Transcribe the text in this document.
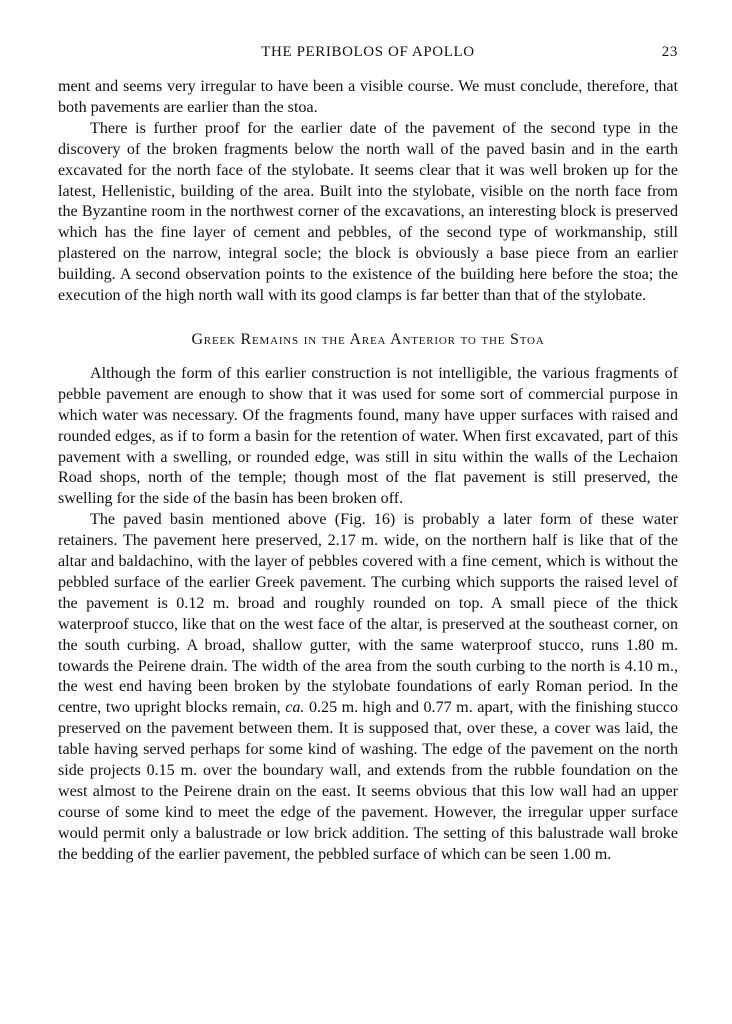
THE PERIBOLOS OF APOLLO	23

ment and seems very irregular to have been a visible course. We must conclude, therefore, that both pavements are earlier than the stoa.

There is further proof for the earlier date of the pavement of the second type in the discovery of the broken fragments below the north wall of the paved basin and in the earth excavated for the north face of the stylobate. It seems clear that it was well broken up for the latest, Hellenistic, building of the area. Built into the stylobate, visible on the north face from the Byzantine room in the northwest corner of the excavations, an interesting block is preserved which has the fine layer of cement and pebbles, of the second type of workmanship, still plastered on the narrow, integral socle; the block is obviously a base piece from an earlier building. A second observation points to the existence of the building here before the stoa; the execution of the high north wall with its good clamps is far better than that of the stylobate.

Greek Remains in the Area Anterior to the Stoa

Although the form of this earlier construction is not intelligible, the various fragments of pebble pavement are enough to show that it was used for some sort of commercial purpose in which water was necessary. Of the fragments found, many have upper surfaces with raised and rounded edges, as if to form a basin for the retention of water. When first excavated, part of this pavement with a swelling, or rounded edge, was still in situ within the walls of the Lechaion Road shops, north of the temple; though most of the flat pavement is still preserved, the swelling for the side of the basin has been broken off.

The paved basin mentioned above (Fig. 16) is probably a later form of these water retainers. The pavement here preserved, 2.17 m. wide, on the northern half is like that of the altar and baldachino, with the layer of pebbles covered with a fine cement, which is without the pebbled surface of the earlier Greek pavement. The curbing which supports the raised level of the pavement is 0.12 m. broad and roughly rounded on top. A small piece of the thick waterproof stucco, like that on the west face of the altar, is preserved at the southeast corner, on the south curbing. A broad, shallow gutter, with the same waterproof stucco, runs 1.80 m. towards the Peirene drain. The width of the area from the south curbing to the north is 4.10 m., the west end having been broken by the stylobate foundations of early Roman period. In the centre, two upright blocks remain, ca. 0.25 m. high and 0.77 m. apart, with the finishing stucco preserved on the pavement between them. It is supposed that, over these, a cover was laid, the table having served perhaps for some kind of washing. The edge of the pavement on the north side projects 0.15 m. over the boundary wall, and extends from the rubble foundation on the west almost to the Peirene drain on the east. It seems obvious that this low wall had an upper course of some kind to meet the edge of the pavement. However, the irregular upper surface would permit only a balustrade or low brick addition. The setting of this balustrade wall broke the bedding of the earlier pavement, the pebbled surface of which can be seen 1.00 m.
